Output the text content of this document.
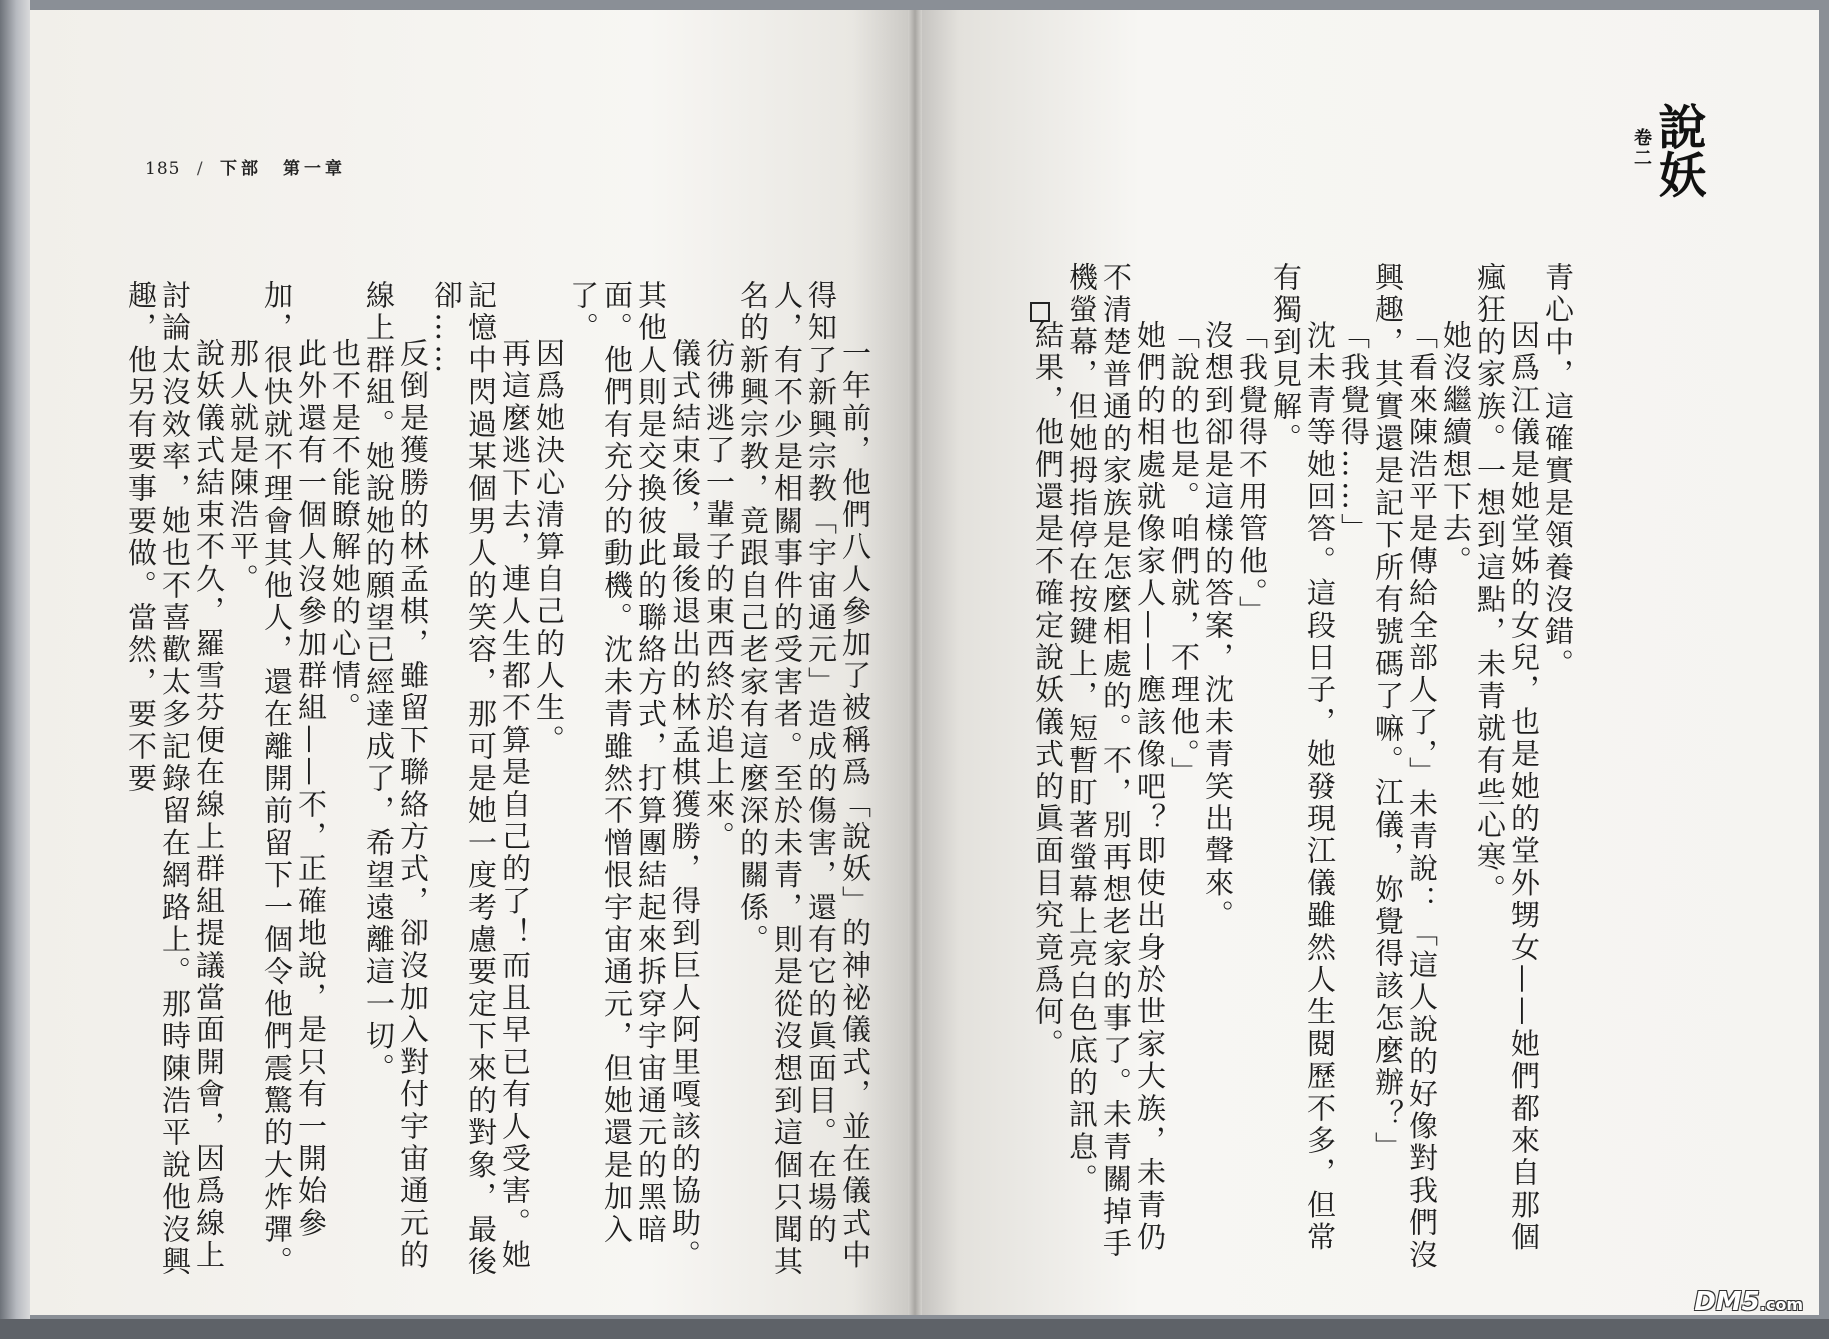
185 / 下部　第一章
一年前，他們八人參加了被稱爲「說妖」的神祕儀式，並在儀式中得知了新興宗教「宇宙通元」造成的傷害，還有它的眞面目。在場的人，有不少是相關事件的受害者。至於未青，則是從沒想到這個只聞其名的新興宗教，竟跟自己老家有這麼深的關係。
彷彿逃了一輩子的東西終於追上來。
儀式結束後，最後退出的林孟棋獲勝，得到巨人阿里嘎該的協助。其他人則是交換彼此的聯絡方式，打算團結起來拆穿宇宙通元的黑暗面。他們有充分的動機。沈未青雖然不憎恨宇宙通元，但她還是加入了。
因爲她決心清算自己的人生。
再這麼逃下去，連人生都不算是自己的了！而且早已有人受害。她記憶中閃過某個男人的笑容，那可是她一度考慮要定下來的對象，最後卻……
反倒是獲勝的林孟棋，雖留下聯絡方式，卻沒加入對付宇宙通元的線上群組。她說她的願望已經達成了，希望遠離這一切。
也不是不能瞭解她的心情。
此外還有一個人沒參加群組——不，正確地說，是只有一開始參加，很快就不理會其他人，還在離開前留下一個令他們震驚的大炸彈。
那人就是陳浩平。
說妖儀式結束不久，羅雪芬便在線上群組提議當面開會，因爲線上討論太沒效率，她也不喜歡太多記錄留在網路上。那時陳浩平說他沒興趣，他另有要事要做。當然，要不要
說妖
卷二
青心中，這確實是領養沒錯。
因爲江儀是她堂姊的女兒，也是她的堂外甥女——她們都來自那個瘋狂的家族。一想到這點，未青就有些心寒。
她沒繼續想下去。
「看來陳浩平是傳給全部人了，」未青說：「這人說的好像對我們沒興趣，其實還是記下所有號碼了嘛。江儀，妳覺得該怎麼辦？」
「我覺得……」
沈未青等她回答。這段日子，她發現江儀雖然人生閱歷不多，但常有獨到見解。
「我覺得不用管他。」
沒想到卻是這樣的答案，沈未青笑出聲來。
「說的也是。咱們就，不理他。」
她們的相處就像家人——應該像吧？即使出身於世家大族，未青仍不清楚普通的家族是怎麼相處的。不，別再想老家的事了。未青關掉手機螢幕，但她拇指停在按鍵上，短暫盯著螢幕上亮白色底的訊息。
結果，他們還是不確定說妖儀式的眞面目究竟爲何。
DM5.com
